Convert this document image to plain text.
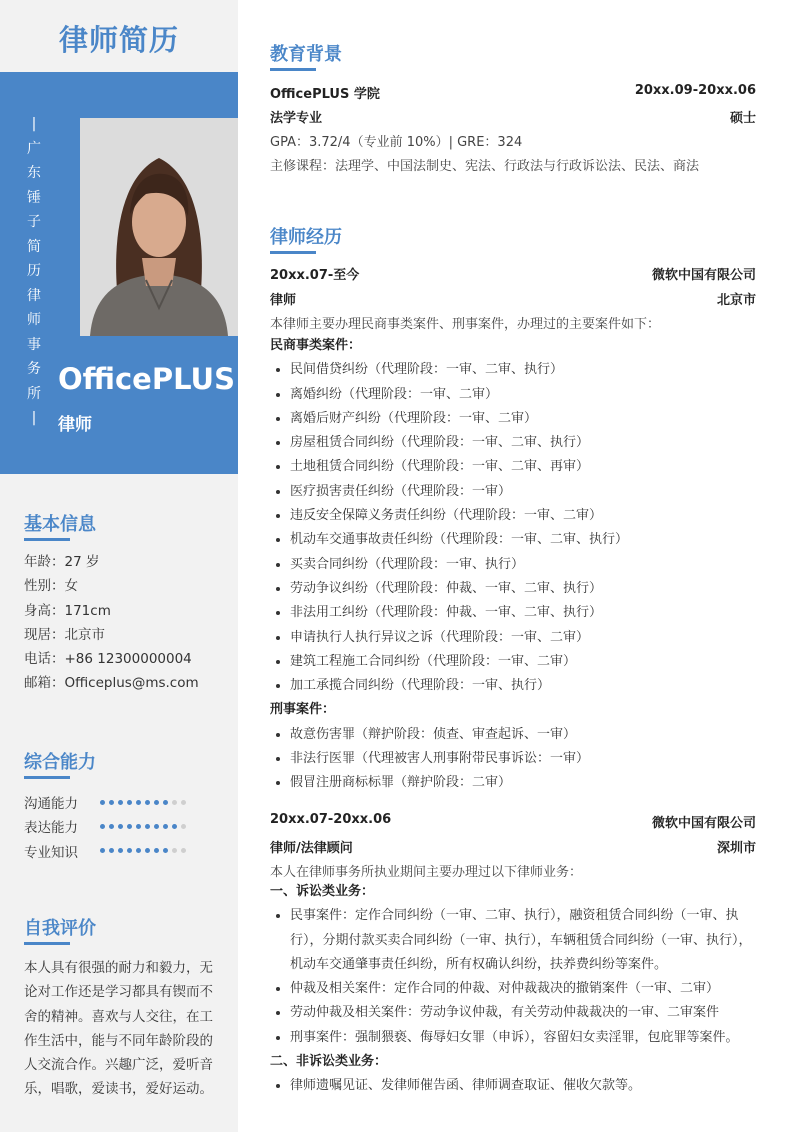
律师简历
|
广
东
锤
子
简
历
律
师
事
务
所
|
OfficePLUS
律师
基本信息
年龄：27 岁
性别：女
身高：171cm
现居：北京市
电话：+86 12300000004
邮箱：Officeplus@ms.com
综合能力
沟通能力
表达能力
专业知识
自我评价
本人具有很强的耐力和毅力，无
论对工作还是学习都具有锲而不
舍的精神。喜欢与人交往，在工
作生活中，能与不同年龄阶段的
人交流合作。兴趣广泛，爱听音
乐，唱歌，爱读书，爱好运动。
教育背景
OfficePLUS 学院	20xx.09-20xx.06
法学专业	硕士
GPA：3.72/4（专业前 10%）| GRE：324
主修课程：法理学、中国法制史、宪法、行政法与行政诉讼法、民法、商法
律师经历
20xx.07-至今	微软中国有限公司
律师	北京市
本律师主要办理民商事类案件、刑事案件，办理过的主要案件如下：
民商事类案件：
• 民间借贷纠纷（代理阶段：一审、二审、执行）
• 离婚纠纷（代理阶段：一审、二审）
• 离婚后财产纠纷（代理阶段：一审、二审）
• 房屋租赁合同纠纷（代理阶段：一审、二审、执行）
• 土地租赁合同纠纷（代理阶段：一审、二审、再审）
• 医疗损害责任纠纷（代理阶段：一审）
• 违反安全保障义务责任纠纷（代理阶段：一审、二审）
• 机动车交通事故责任纠纷（代理阶段：一审、二审、执行）
• 买卖合同纠纷（代理阶段：一审、执行）
• 劳动争议纠纷（代理阶段：仲裁、一审、二审、执行）
• 非法用工纠纷（代理阶段：仲裁、一审、二审、执行）
• 申请执行人执行异议之诉（代理阶段：一审、二审）
• 建筑工程施工合同纠纷（代理阶段：一审、二审）
• 加工承揽合同纠纷（代理阶段：一审、执行）
刑事案件：
• 故意伤害罪（辩护阶段：侦查、审查起诉、一审）
• 非法行医罪（代理被害人刑事附带民事诉讼：一审）
• 假冒注册商标标罪（辩护阶段：二审）
20xx.07-20xx.06	微软中国有限公司
律师/法律顾问	深圳市
本人在律师事务所执业期间主要办理过以下律师业务：
一、诉讼类业务：
• 民事案件：定作合同纠纷（一审、二审、执行），融资租赁合同纠纷（一审、执行），分期付款买卖合同纠纷（一审、执行），车辆租赁合同纠纷（一审、执行），机动车交通肇事责任纠纷，所有权确认纠纷，扶养费纠纷等案件。
• 仲裁及相关案件：定作合同的仲裁、对仲裁裁决的撤销案件（一审、二审）
• 劳动仲裁及相关案件：劳动争议仲裁，有关劳动仲裁裁决的一审、二审案件
• 刑事案件：强制猥亵、侮辱妇女罪（申诉），容留妇女卖淫罪，包庇罪等案件。
二、非诉讼类业务：
• 律师遗嘱见证、发律师催告函、律师调查取证、催收欠款等。
